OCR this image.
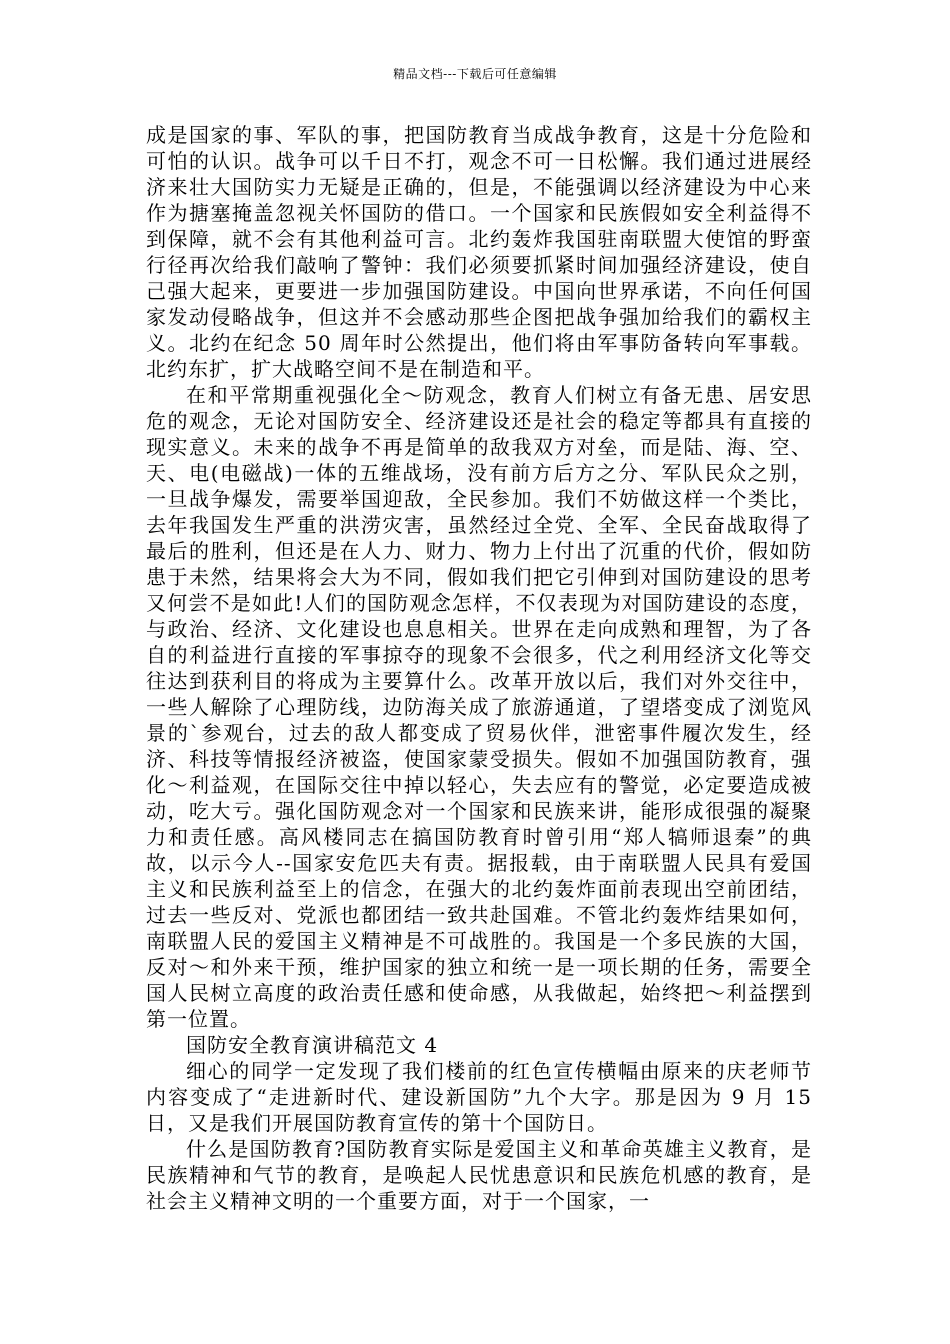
精品文档---下载后可任意编辑

成是国家的事、军队的事，把国防教育当成战争教育，这是十分危险和可怕的认识。战争可以千日不打，观念不可一日松懈。我们通过进展经济来壮大国防实力无疑是正确的，但是，不能强调以经济建设为中心来作为搪塞掩盖忽视关怀国防的借口。一个国家和民族假如安全利益得不到保障，就不会有其他利益可言。北约轰炸我国驻南联盟大使馆的野蛮行径再次给我们敲响了警钟：我们必须要抓紧时间加强经济建设，使自己强大起来，更要进一步加强国防建设。中国向世界承诺，不向任何国家发动侵略战争，但这并不会感动那些企图把战争强加给我们的霸权主义。北约在纪念 50 周年时公然提出，他们将由军事防备转向军事载。北约东扩，扩大战略空间不是在制造和平。

在和平常期重视强化全～防观念，教育人们树立有备无患、居安思危的观念，无论对国防安全、经济建设还是社会的稳定等都具有直接的现实意义。未来的战争不再是简单的敌我双方对垒，而是陆、海、空、天、电(电磁战)一体的五维战场，没有前方后方之分、军队民众之别，一旦战争爆发，需要举国迎敌，全民参加。我们不妨做这样一个类比，去年我国发生严重的洪涝灾害，虽然经过全党、全军、全民奋战取得了最后的胜利，但还是在人力、财力、物力上付出了沉重的代价，假如防患于未然，结果将会大为不同，假如我们把它引伸到对国防建设的思考又何尝不是如此!人们的国防观念怎样，不仅表现为对国防建设的态度，与政治、经济、文化建设也息息相关。世界在走向成熟和理智，为了各自的利益进行直接的军事掠夺的现象不会很多，代之利用经济文化等交往达到获利目的将成为主要算什么。改革开放以后，我们对外交往中，一些人解除了心理防线，边防海关成了旅游通道，了望塔变成了浏览风景的`参观台，过去的敌人都变成了贸易伙伴，泄密事件履次发生，经济、科技等情报经济被盗，使国家蒙受损失。假如不加强国防教育，强化～利益观，在国际交往中掉以轻心，失去应有的警觉，必定要造成被动，吃大亏。强化国防观念对一个国家和民族来讲，能形成很强的凝聚力和责任感。高风楼同志在搞国防教育时曾引用“郑人犒师退秦”的典故，以示今人--国家安危匹夫有责。据报载，由于南联盟人民具有爱国主义和民族利益至上的信念，在强大的北约轰炸面前表现出空前团结，过去一些反对、党派也都团结一致共赴国难。不管北约轰炸结果如何，南联盟人民的爱国主义精神是不可战胜的。我国是一个多民族的大国，反对～和外来干预，维护国家的独立和统一是一项长期的任务，需要全国人民树立高度的政治责任感和使命感，从我做起，始终把～利益摆到第一位置。

国防安全教育演讲稿范文 4

细心的同学一定发现了我们楼前的红色宣传横幅由原来的庆老师节内容变成了“走进新时代、建设新国防”九个大字。那是因为 9 月 15 日，又是我们开展国防教育宣传的第十个国防日。

什么是国防教育?国防教育实际是爱国主义和革命英雄主义教育，是民族精神和气节的教育，是唤起人民忧患意识和民族危机感的教育，是社会主义精神文明的一个重要方面，对于一个国家，一
